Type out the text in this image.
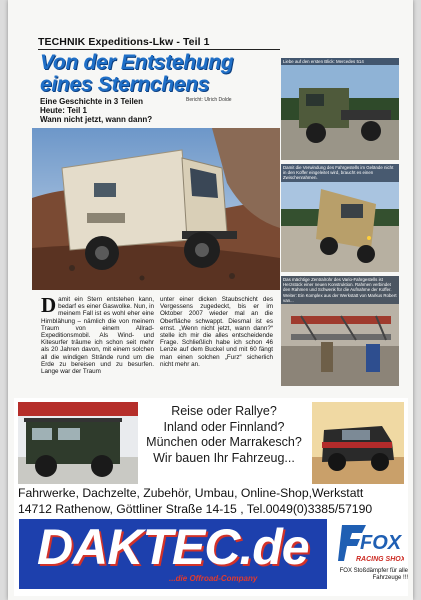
TECHNIK Expeditions-Lkw - Teil 1
Von der Entstehung
eines Sternchens
Eine Geschichte in 3 Teilen
Heute: Teil 1
Wann nicht jetzt, wann dann?
Bericht: Ulrich Dolde
Liebe auf den ersten Blick: Mercedes 514
Damit die Verwindung des Fahrgestells im Gelände nicht in den Koffer eingeleitet wird, braucht es einen Zwischenrahmen.
Das mächtige Zentralrohr des Vario-Fahrgestells ist Herzstück einer neuen Konstruktion. Rahmen verbindet den Rahmen und Schwenk für die Aufnahme der Koffer. Weiter: Ein Komplex aus der Werkstatt von Markus Robert van...
Damit ein Stern entstehen kann, bedarf es einer Gaswolke. Nun, in meinem Fall ist es wohl eher eine Hirnblähung – nämlich die von meinem Traum von einem Allrad-Expeditionsmobil. Als Wind- und Kitesurfer träume ich schon seit mehr als 20 Jahren davon, mit einem solchen all die windigen Strände rund um die Erde zu bereisen und zu besurfen. Lange war der Traum
unter einer dicken Staubschicht des Vergessens zugedeckt, bis er im Oktober 2007 wieder mal an die Oberfläche schwappt. Diesmal ist es ernst. „Wenn nicht jetzt, wann dann?“ stelle ich mir die alles entscheidende Frage. Schließlich habe ich schon 46 Lenze auf dem Buckel und mit 60 fängt man einen solchen „Furz“ sicherlich nicht mehr an.
Reise oder Rallye?
Inland oder Finnland?
München oder Marrakesch?
Wir bauen Ihr Fahrzeug...
Fahrwerke, Dachzelte, Zubehör, Umbau, Online-Shop,Werkstatt
14712 Rathenow, Göttliner Straße 14-15 , Tel.0049(0)3385/57190
DAKTEC.de
...die Offroad-Company
FOX
RACING SHOX
FOX Stoßdämpfer für alle Fahrzeuge !!!
